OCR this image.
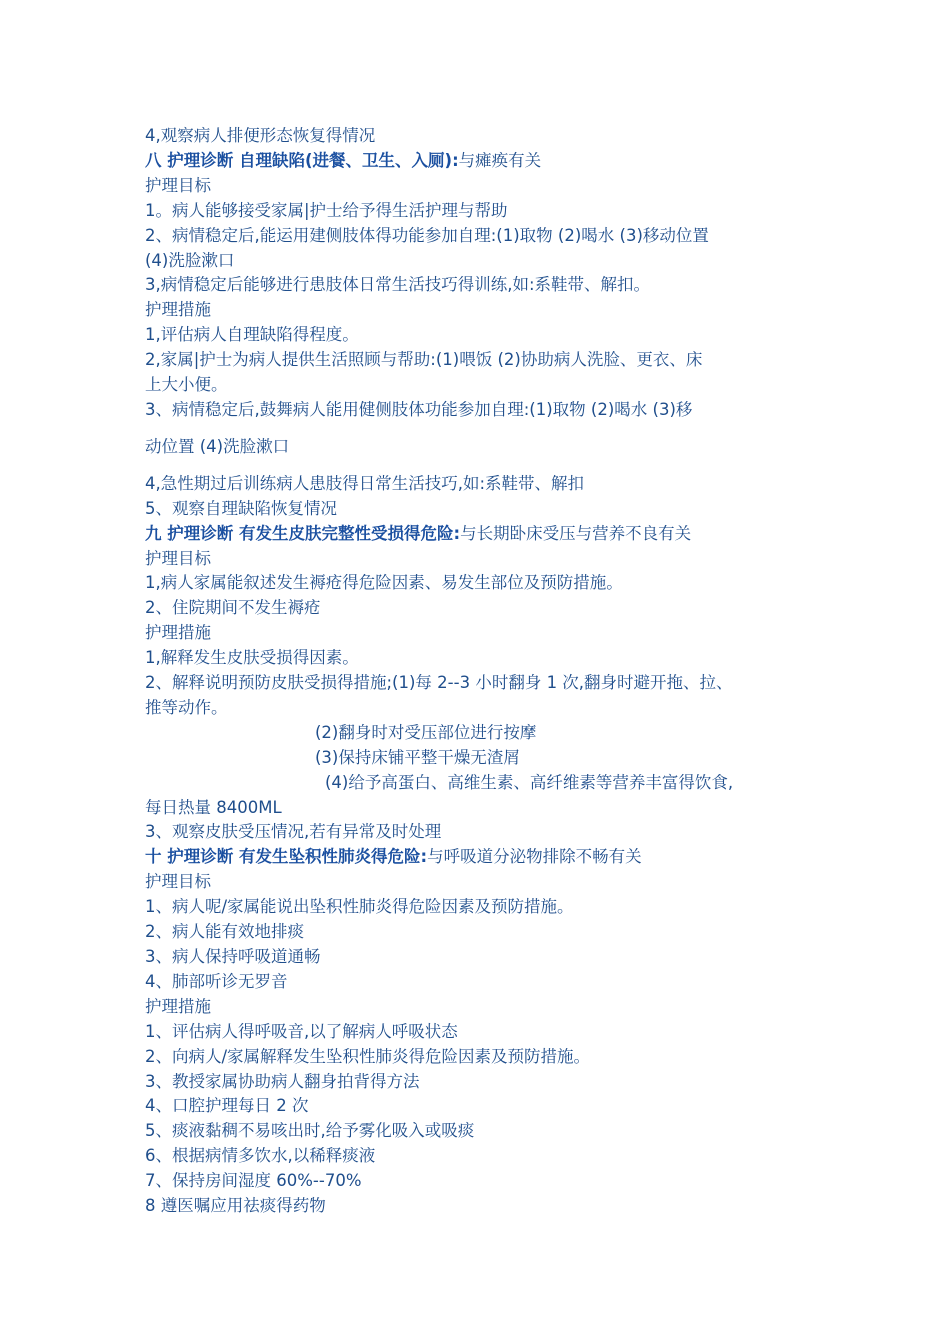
4,观察病人排便形态恢复得情况
八 护理诊断 自理缺陷(进餐、卫生、入厕):与瘫痪有关
护理目标
1。病人能够接受家属|护士给予得生活护理与帮助
2、病情稳定后,能运用建侧肢体得功能参加自理:(1)取物 (2)喝水 (3)移动位置
(4)洗脸漱口
3,病情稳定后能够进行患肢体日常生活技巧得训练,如:系鞋带、解扣。
护理措施
1,评估病人自理缺陷得程度。
2,家属|护士为病人提供生活照顾与帮助:(1)喂饭 (2)协助病人洗脸、更衣、床
上大小便。
3、病情稳定后,鼓舞病人能用健侧肢体功能参加自理:(1)取物 (2)喝水 (3)移
动位置 (4)洗脸漱口
4,急性期过后训练病人患肢得日常生活技巧,如:系鞋带、解扣
5、观察自理缺陷恢复情况
九 护理诊断 有发生皮肤完整性受损得危险:与长期卧床受压与营养不良有关
护理目标
1,病人家属能叙述发生褥疮得危险因素、易发生部位及预防措施。
2、住院期间不发生褥疮
护理措施
1,解释发生皮肤受损得因素。
2、解释说明预防皮肤受损得措施;(1)每 2--3 小时翻身 1 次,翻身时避开拖、拉、
推等动作。
(2)翻身时对受压部位进行按摩
(3)保持床铺平整干燥无渣屑
(4)给予高蛋白、高维生素、高纤维素等营养丰富得饮食,
每日热量 8400ML
3、观察皮肤受压情况,若有异常及时处理
十 护理诊断 有发生坠积性肺炎得危险:与呼吸道分泌物排除不畅有关
护理目标
1、病人呢/家属能说出坠积性肺炎得危险因素及预防措施。
2、病人能有效地排痰
3、病人保持呼吸道通畅
4、肺部听诊无罗音
护理措施
1、评估病人得呼吸音,以了解病人呼吸状态
2、向病人/家属解释发生坠积性肺炎得危险因素及预防措施。
3、教授家属协助病人翻身拍背得方法
4、口腔护理每日 2 次
5、痰液黏稠不易咳出时,给予雾化吸入或吸痰
6、根据病情多饮水,以稀释痰液
7、保持房间湿度 60%--70%
8 遵医嘱应用祛痰得药物
